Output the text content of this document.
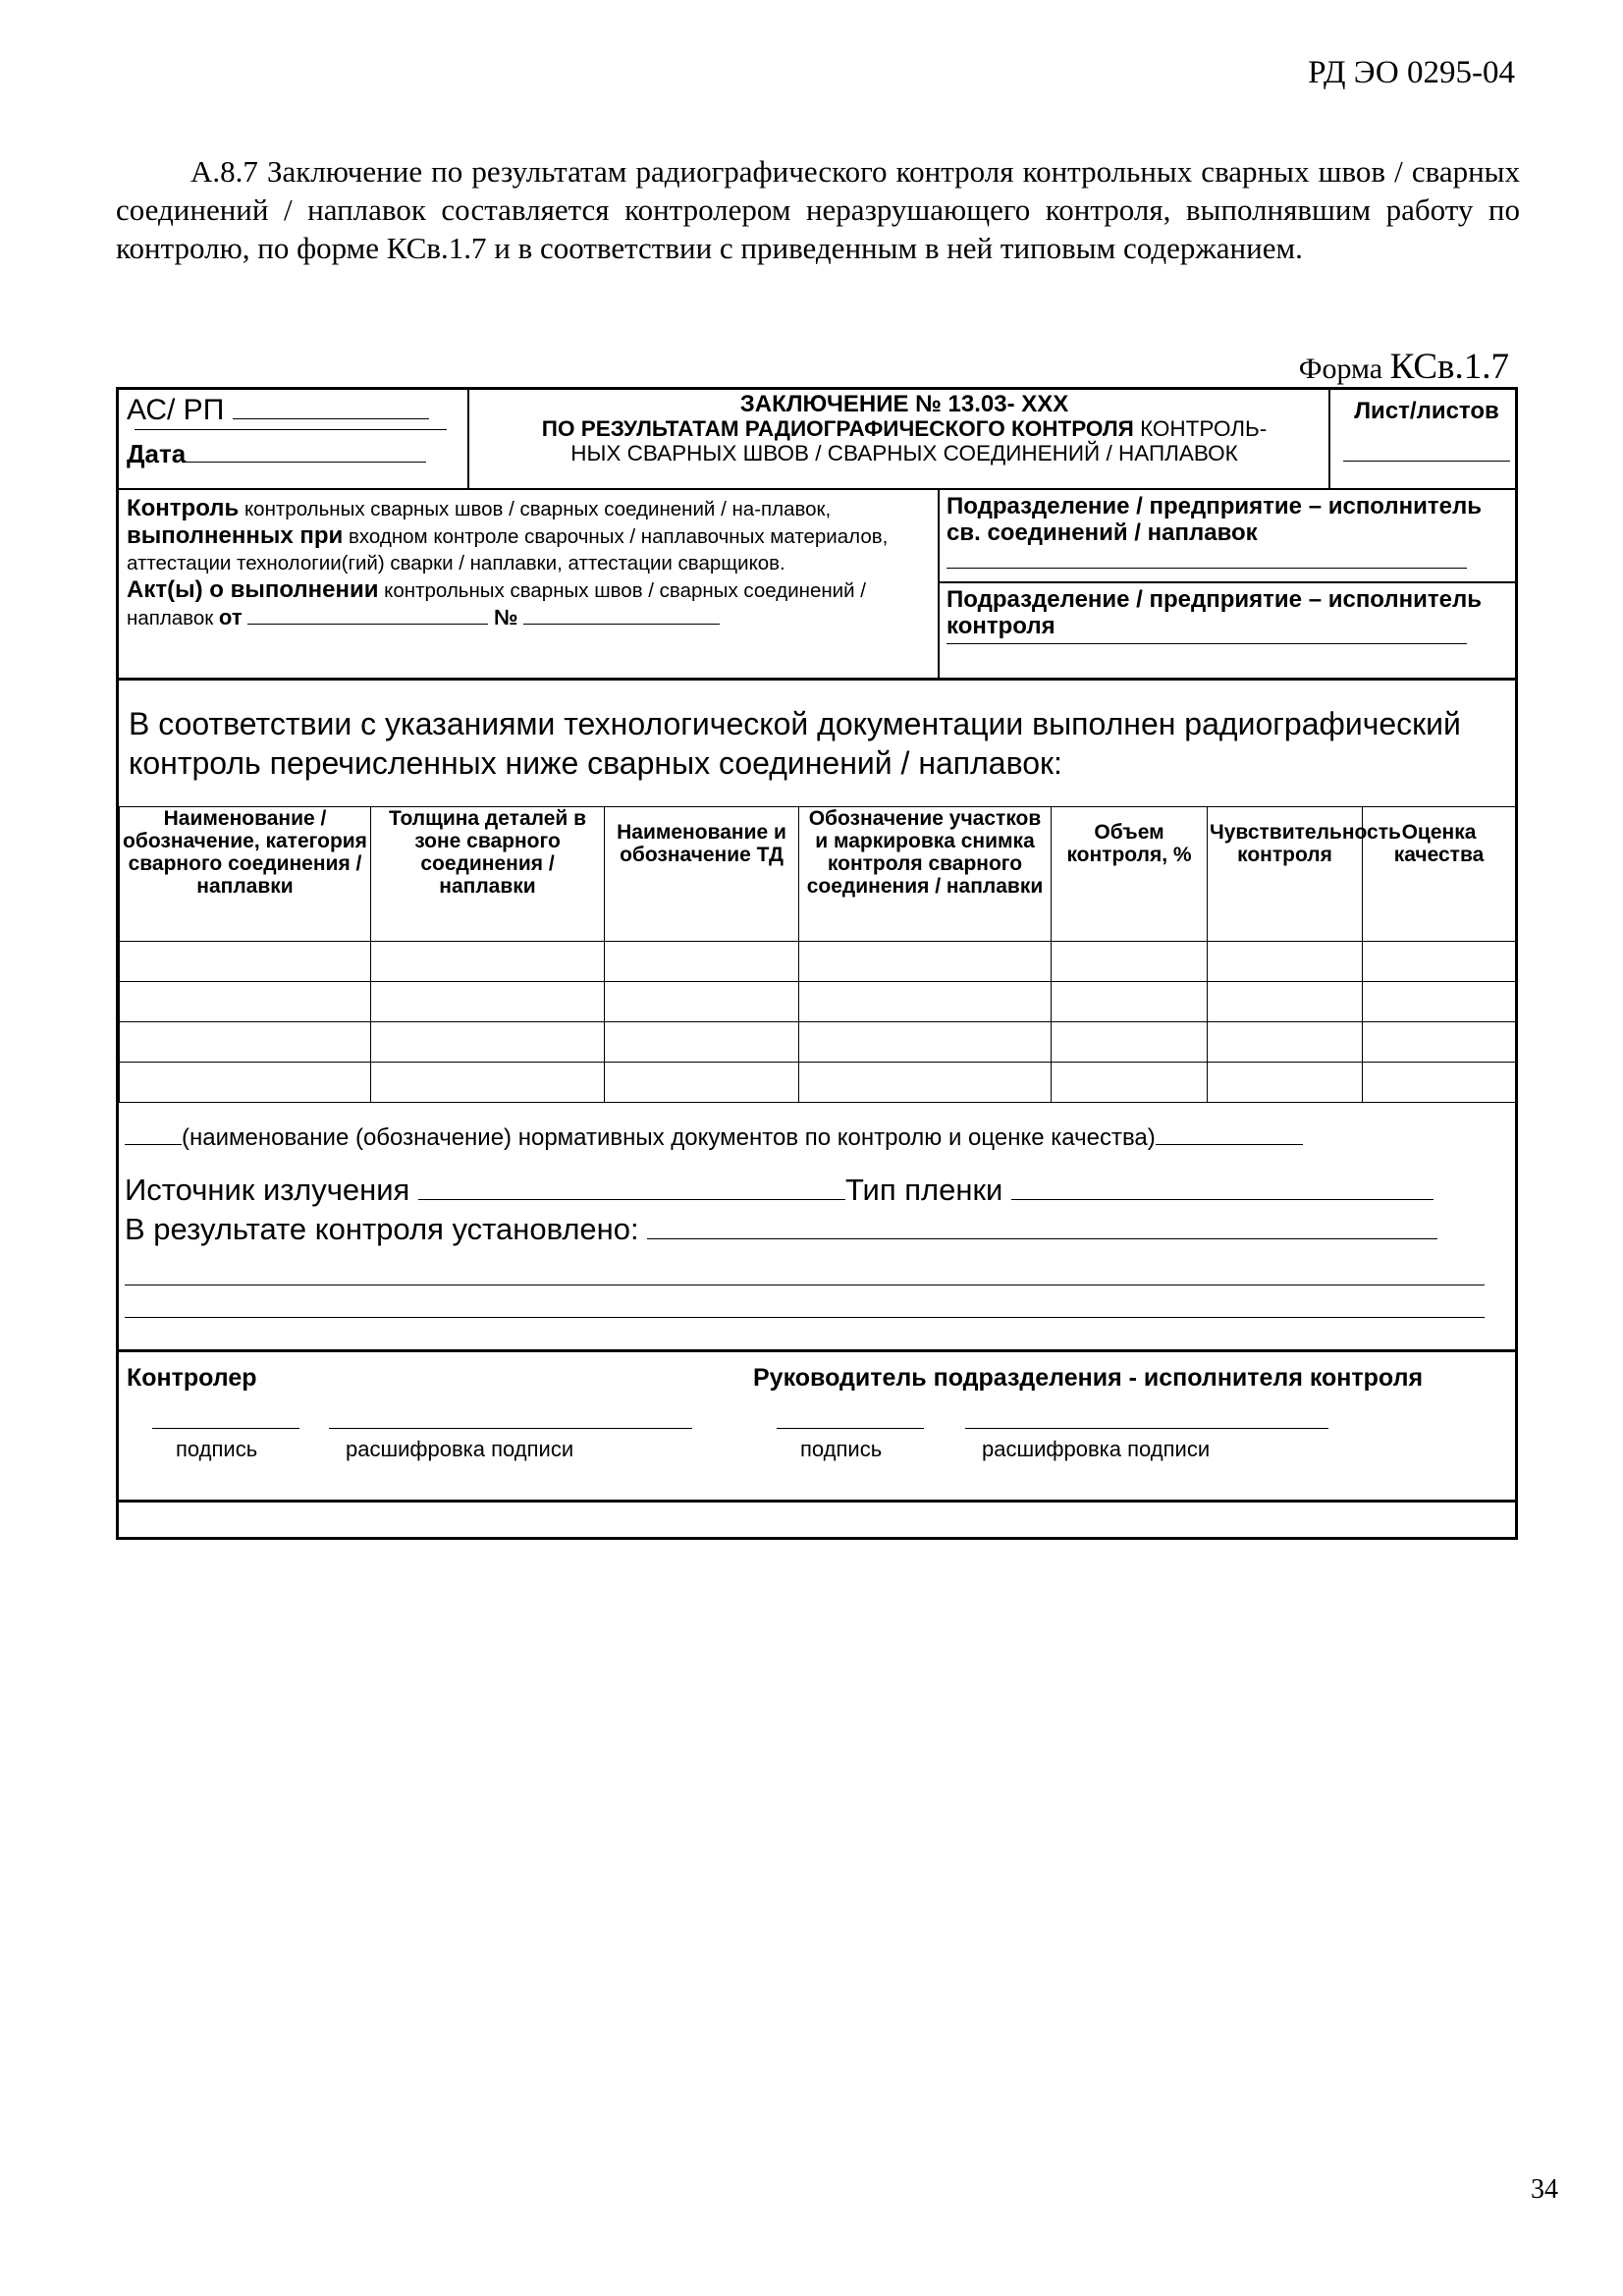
РД ЭО 0295-04
А.8.7 Заключение по результатам радиографического контроля контрольных сварных швов / сварных соединений / наплавок составляется контролером неразрушающего контроля, выполнявшим работу по контролю, по форме КСв.1.7 и в соответствии с приведенным в ней типовым содержанием.
Форма КСв.1.7
АС/ РП
Дата
ЗАКЛЮЧЕНИЕ № 13.03- XXX
ПО РЕЗУЛЬТАТАМ РАДИОГРАФИЧЕСКОГО КОНТРОЛЯ КОНТРОЛЬ-
НЫХ СВАРНЫХ ШВОВ / СВАРНЫХ СОЕДИНЕНИЙ / НАПЛАВОК
Лист/листов
Контроль контрольных сварных швов / сварных соединений / на-плавок, выполненных при входном контроле сварочных / наплавочных материалов, аттестации технологии(гий) сварки / наплавки, аттестации сварщиков.
Акт(ы) о выполнении контрольных сварных швов / сварных соединений / наплавок от	№
Подразделение / предприятие – исполнитель св. соединений / наплавок
Подразделение / предприятие – исполнитель контроля
В соответствии с указаниями технологической документации выполнен радиографический контроль перечисленных ниже сварных соединений / наплавок:
Наименование / обозначение, категория сварного соединения / наплавки	Толщина деталей в зоне сварного соединения / наплавки	Наименование и обозначение ТД	Обозначение участков и маркировка снимка контроля сварного соединения / наплавки	Объем контроля, %	Чувствительность контроля	Оценка качества

(наименование (обозначение) нормативных документов по контролю и оценке качества)
Источник излучения	Тип пленки
В результате контроля установлено:
Контролер	Руководитель подразделения - исполнителя контроля
подпись	расшифровка подписи	подпись	расшифровка подписи
34
